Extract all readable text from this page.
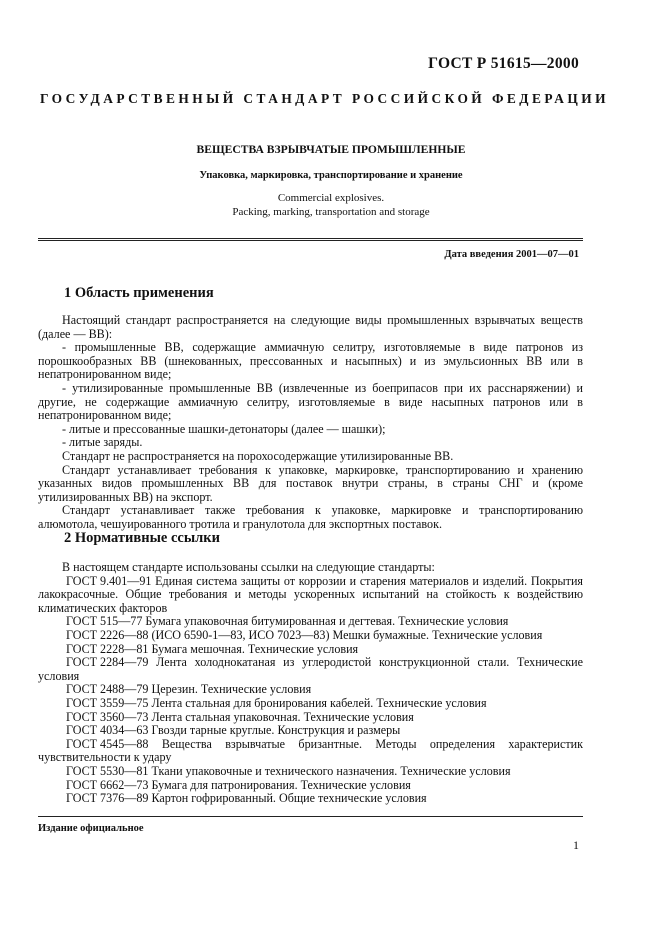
ГОСТ Р 51615—2000
ГОСУДАРСТВЕННЫЙ СТАНДАРТ РОССИЙСКОЙ ФЕДЕРАЦИИ
ВЕЩЕСТВА ВЗРЫВЧАТЫЕ ПРОМЫШЛЕННЫЕ
Упаковка, маркировка, транспортирование и хранение
Commercial explosives.
Packing, marking, transportation and storage
Дата введения 2001—07—01
1 Область применения

Настоящий стандарт распространяется на следующие виды промышленных взрывчатых веществ (далее — ВВ):

- промышленные ВВ, содержащие аммиачную селитру, изготовляемые в виде патронов из порошкообразных ВВ (шнекованных, прессованных и насыпных) и из эмульсионных ВВ или в непатронированном виде;

- утилизированные промышленные ВВ (извлеченные из боеприпасов при их расснаряжении) и другие, не содержащие аммиачную селитру, изготовляемые в виде насыпных патронов или в непатронированном виде;

- литые и прессованные шашки-детонаторы (далее — шашки);

- литые заряды.

Стандарт не распространяется на порохосодержащие утилизированные ВВ.

Стандарт устанавливает требования к упаковке, маркировке, транспортированию и хранению указанных видов промышленных ВВ для поставок внутри страны, в страны СНГ и (кроме утилизированных ВВ) на экспорт.

Стандарт устанавливает также требования к упаковке, маркировке и транспортированию алюмотола, чешуированного тротила и гранулотола для экспортных поставок.

2 Нормативные ссылки

В настоящем стандарте использованы ссылки на следующие стандарты:

ГОСТ 9.401—91 Единая система защиты от коррозии и старения материалов и изделий. Покрытия лакокрасочные. Общие требования и методы ускоренных испытаний на стойкость к воздействию климатических факторов

ГОСТ 515—77 Бумага упаковочная битумированная и дегтевая. Технические условия

ГОСТ 2226—88 (ИСО 6590-1—83, ИСО 7023—83) Мешки бумажные. Технические условия

ГОСТ 2228—81 Бумага мешочная. Технические условия

ГОСТ 2284—79 Лента холоднокатаная из углеродистой конструкционной стали. Технические условия

ГОСТ 2488—79 Церезин. Технические условия

ГОСТ 3559—75 Лента стальная для бронирования кабелей. Технические условия

ГОСТ 3560—73 Лента стальная упаковочная. Технические условия

ГОСТ 4034—63 Гвозди тарные круглые. Конструкция и размеры

ГОСТ 4545—88 Вещества взрывчатые бризантные. Методы определения характеристик чувствительности к удару

ГОСТ 5530—81 Ткани упаковочные и технического назначения. Технические условия

ГОСТ 6662—73 Бумага для патронирования. Технические условия

ГОСТ 7376—89 Картон гофрированный. Общие технические условия

Издание официальное
1
